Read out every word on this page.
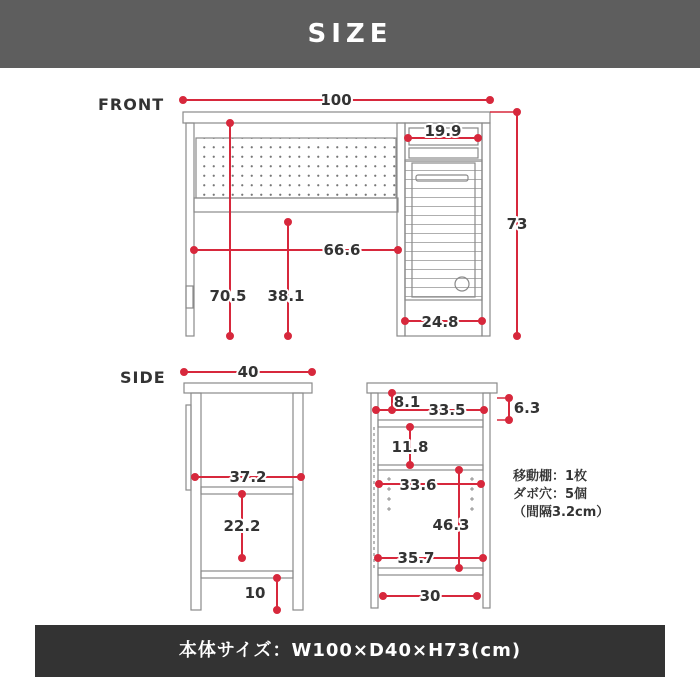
SIZE
FRONT
SIDE
100
19.9
73
66.6
70.5 38.1
24.8
40
37.2
22.2
10
8.1 33.5	6.3
11.8
33.6
46.3
35.7
30
移動棚：1枚
ダボ穴：5個
（間隔3.2cm）
本体サイズ：W100×D40×H73(cm)
